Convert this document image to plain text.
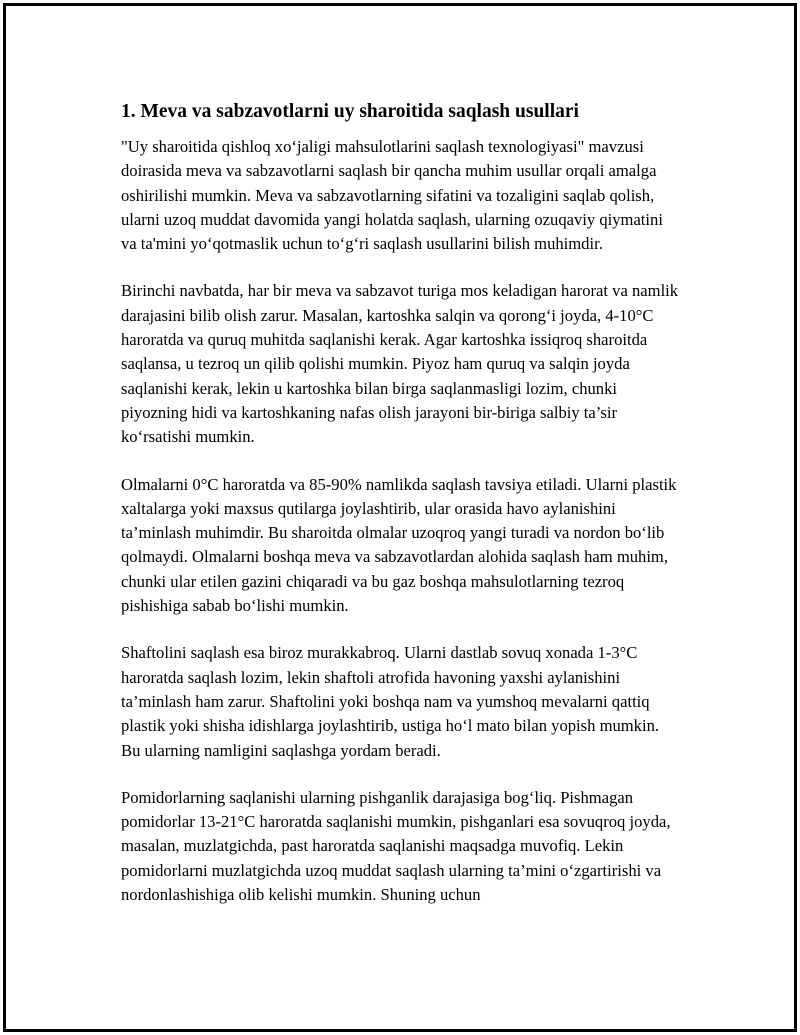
1. Meva va sabzavotlarni uy sharoitida saqlash usullari

"Uy sharoitida qishloq xo‘jaligi mahsulotlarini saqlash texnologiyasi" mavzusi doirasida meva va sabzavotlarni saqlash bir qancha muhim usullar orqali amalga oshirilishi mumkin. Meva va sabzavotlarning sifatini va tozaligini saqlab qolish, ularni uzoq muddat davomida yangi holatda saqlash, ularning ozuqaviy qiymatini va ta'mini yo‘qotmaslik uchun to‘g‘ri saqlash usullarini bilish muhimdir.

Birinchi navbatda, har bir meva va sabzavot turiga mos keladigan harorat va namlik darajasini bilib olish zarur. Masalan, kartoshka salqin va qorong‘i joyda, 4-10°C haroratda va quruq muhitda saqlanishi kerak. Agar kartoshka issiqroq sharoitda saqlansa, u tezroq un qilib qolishi mumkin. Piyoz ham quruq va salqin joyda saqlanishi kerak, lekin u kartoshka bilan birga saqlanmasligi lozim, chunki piyozning hidi va kartoshkaning nafas olish jarayoni bir-biriga salbiy ta’sir ko‘rsatishi mumkin.

Olmalarni 0°C haroratda va 85-90% namlikda saqlash tavsiya etiladi. Ularni plastik xaltalarga yoki maxsus qutilarga joylashtirib, ular orasida havo aylanishini ta’minlash muhimdir. Bu sharoitda olmalar uzoqroq yangi turadi va nordon bo‘lib qolmaydi. Olmalarni boshqa meva va sabzavotlardan alohida saqlash ham muhim, chunki ular etilen gazini chiqaradi va bu gaz boshqa mahsulotlarning tezroq pishishiga sabab bo‘lishi mumkin.

Shaftolini saqlash esa biroz murakkabroq. Ularni dastlab sovuq xonada 1-3°C haroratda saqlash lozim, lekin shaftoli atrofida havoning yaxshi aylanishini ta’minlash ham zarur. Shaftolini yoki boshqa nam va yumshoq mevalarni qattiq plastik yoki shisha idishlarga joylashtirib, ustiga ho‘l mato bilan yopish mumkin. Bu ularning namligini saqlashga yordam beradi.

Pomidorlarning saqlanishi ularning pishganlik darajasiga bog‘liq. Pishmagan pomidorlar 13-21°C haroratda saqlanishi mumkin, pishganlari esa sovuqroq joyda, masalan, muzlatgichda, past haroratda saqlanishi maqsadga muvofiq. Lekin pomidorlarni muzlatgichda uzoq muddat saqlash ularning ta’mini o‘zgartirishi va nordonlashishiga olib kelishi mumkin. Shuning uchun
